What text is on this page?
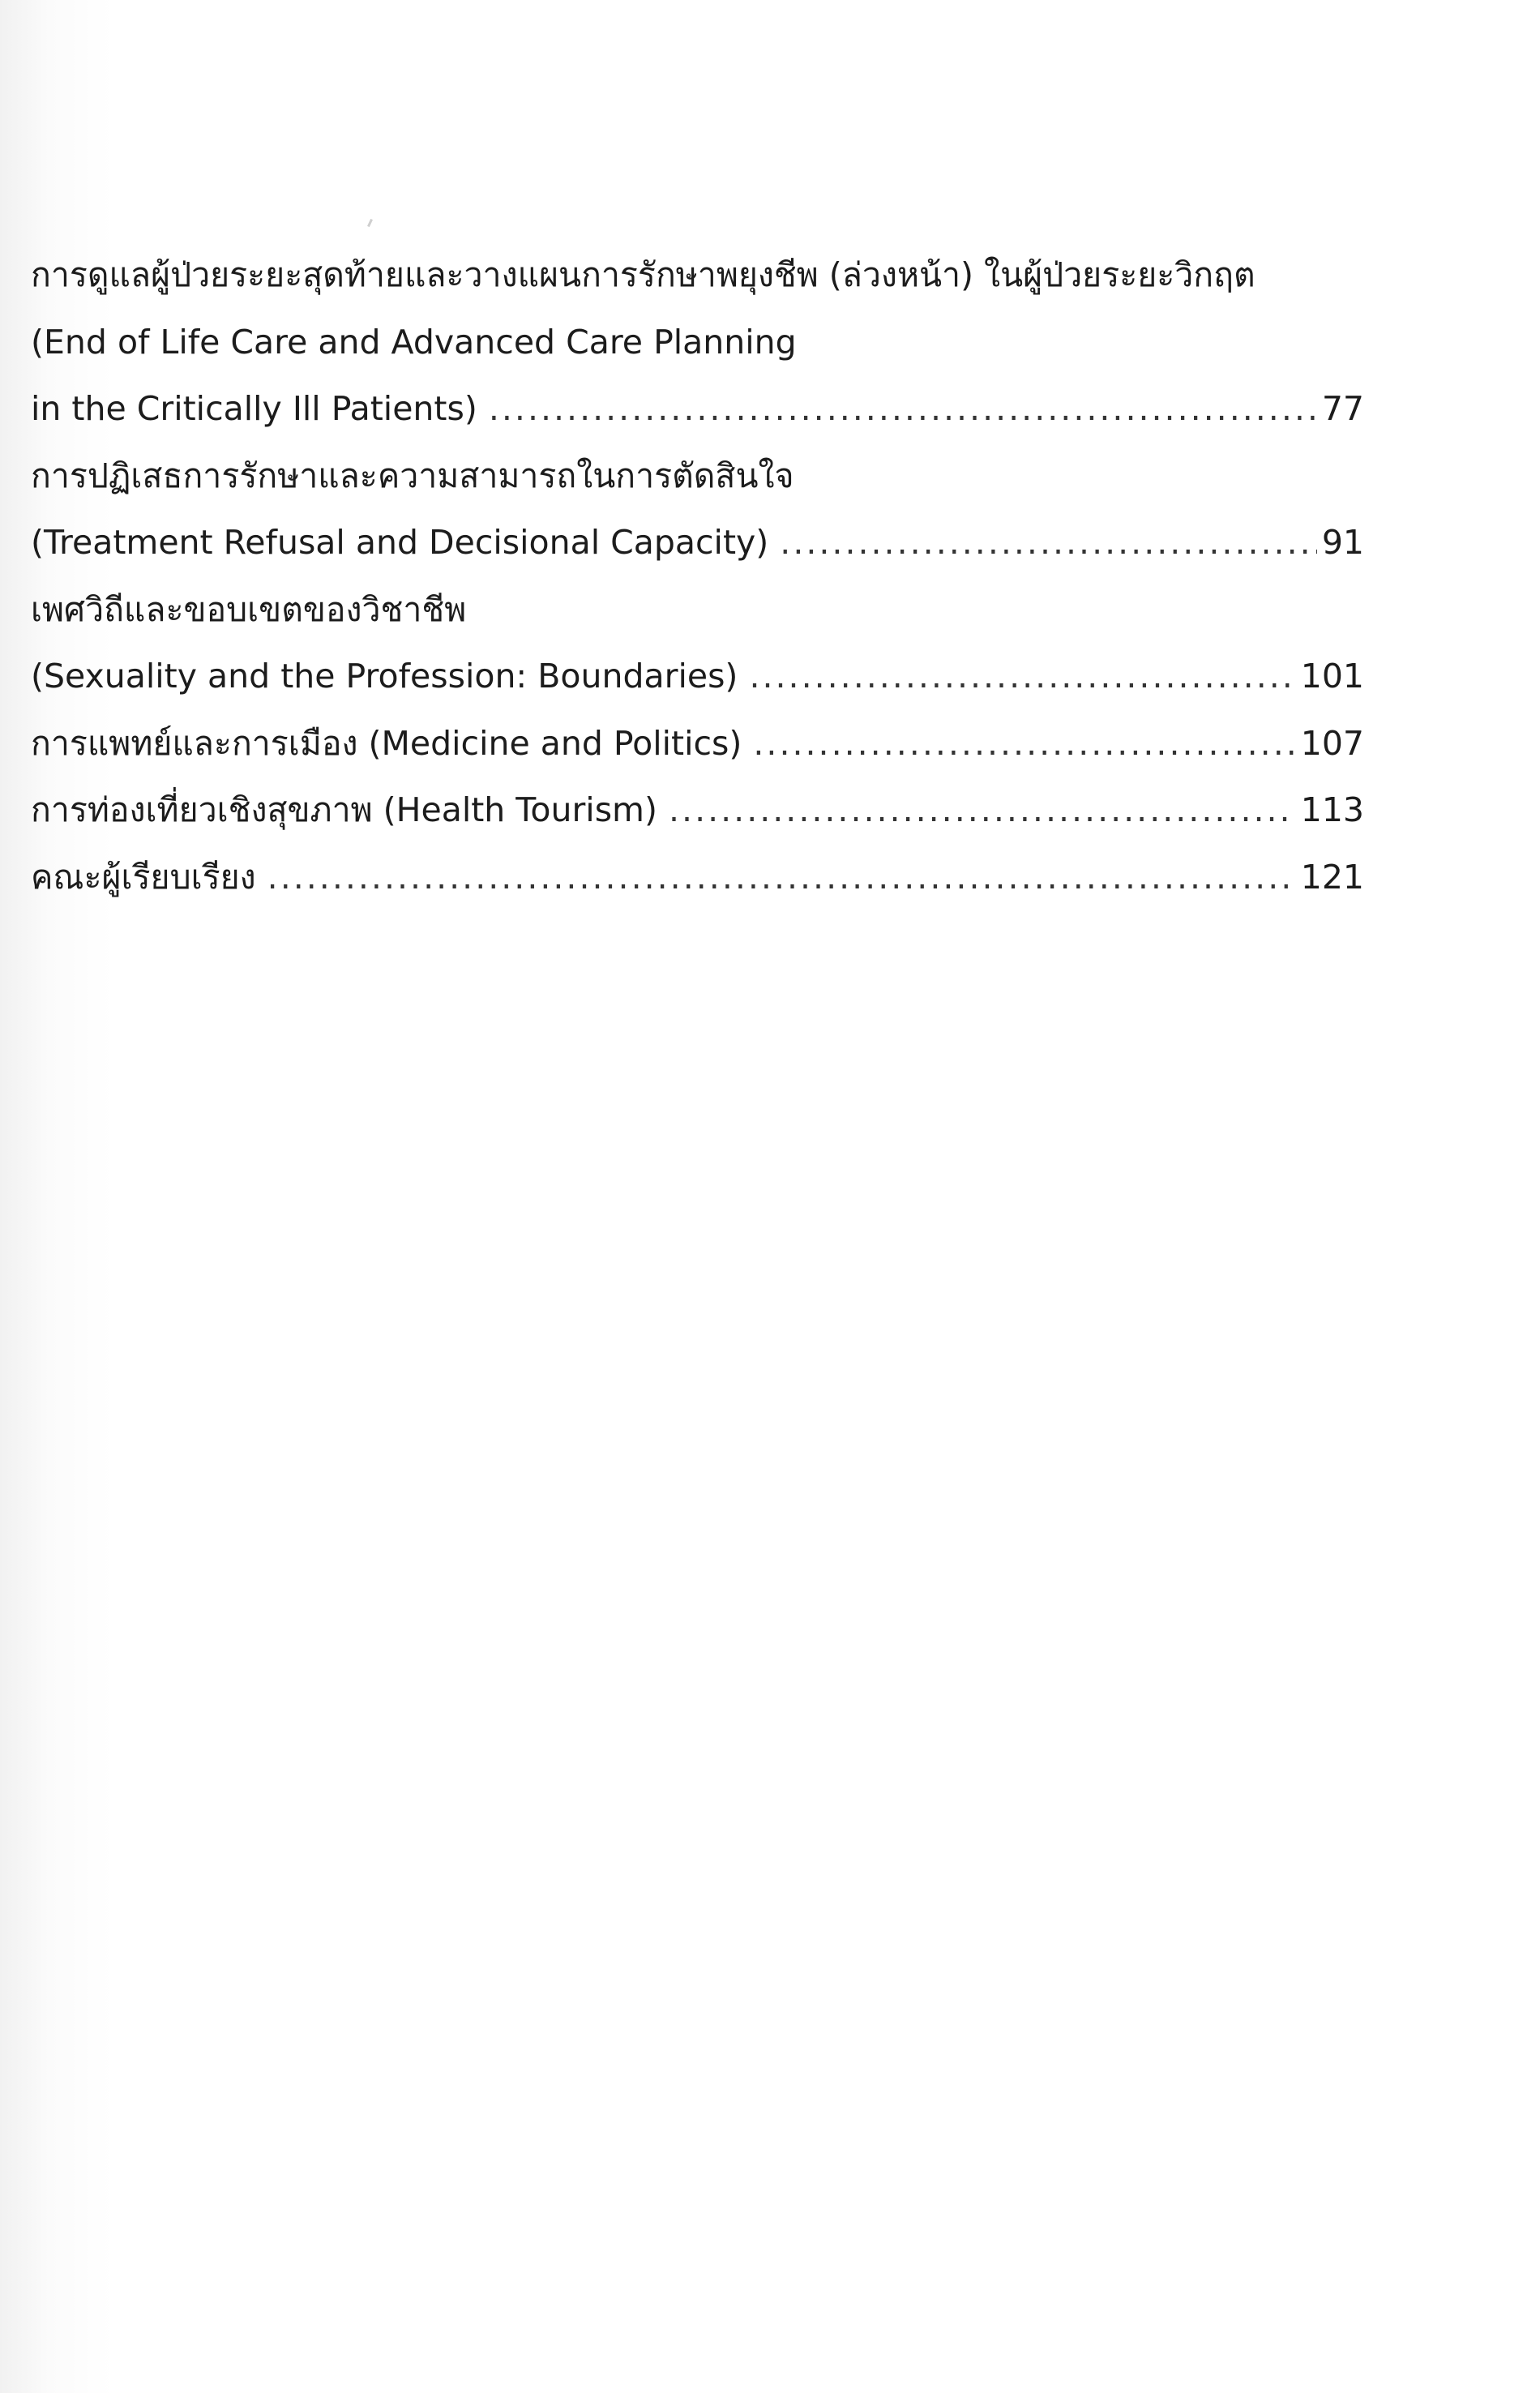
การดูแลผู้ป่วยระยะสุดท้ายและวางแผนการรักษาพยุงชีพ (ล่วงหน้า) ในผู้ป่วยระยะวิกฤต
(End of Life Care and Advanced Care Planning
in the Critically Ill Patients) .....	77
การปฏิเสธการรักษาและความสามารถในการตัดสินใจ
(Treatment Refusal and Decisional Capacity) .....	91
เพศวิถีและขอบเขตของวิชาชีพ
(Sexuality and the Profession: Boundaries) .....	101
การแพทย์และการเมือง (Medicine and Politics) .....	107
การท่องเที่ยวเชิงสุขภาพ (Health Tourism) .....	113
คณะผู้เรียบเรียง .....	121
